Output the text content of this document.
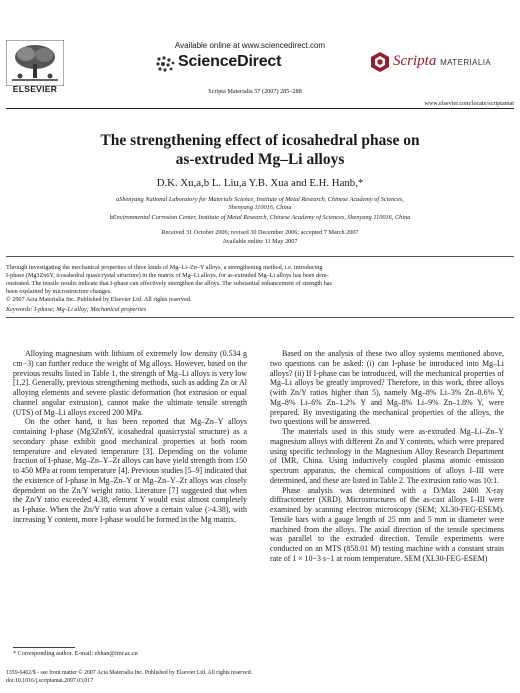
ELSEVIER
Available online at www.sciencedirect.com
ScienceDirect
Scripta Materialia 57 (2007) 285–288
Scripta MATERIALIA
www.elsevier.com/locate/scriptamat
The strengthening effect of icosahedral phase on
as-extruded Mg–Li alloys
D.K. Xu,a,b L. Liu,a Y.B. Xua and E.H. Hanb,*
aShenyang National Laboratory for Materials Science, Institute of Metal Research, Chinese Academy of Sciences,
Shenyang 110016, China
bEnvironmental Corrosion Center, Institute of Metal Research, Chinese Academy of Sciences, Shenyang 110016, China
Received 31 October 2006; revised 30 December 2006; accepted 7 March 2007
Available online 11 May 2007
Through investigating the mechanical properties of three kinds of Mg–Li–Zn–Y alloys, a strengthening method, i.e. introducing
I-phase (Mg3Zn6Y, icosahedral quasicrystal structure) in the matrix of Mg–Li alloys, for as-extruded Mg–Li alloys has been dem-
onstrated. The tensile results indicate that I-phase can effectively strengthen the alloys. The substantial enhancement of strength has
been explained by microstructure changes.
© 2007 Acta Materialia Inc. Published by Elsevier Ltd. All rights reserved.
Keywords: I-phase; Mg–Li alloy; Mechanical properties

Alloying magnesium with lithium of extremely low density (0.534 g cm−3) can further reduce the weight of Mg alloys. However, based on the previous results listed in Table 1, the strength of Mg–Li alloys is very low [1,2]. Generally, previous strengthening methods, such as adding Zn or Al alloying elements and severe plastic deformation (hot extrusion or equal channel angular extrusion), cannot make the ultimate tensile strength (UTS) of Mg–Li alloys exceed 200 MPa.

On the other hand, it has been reported that Mg–Zn–Y alloys containing I-phase (Mg3Zn6Y, icosahedral quasicrystal structure) as a secondary phase exhibit good mechanical properties at both room temperature and elevated temperature [3]. Depending on the volume fraction of I-phase, Mg–Zn–Y–Zr alloys can have yield strength from 150 to 450 MPa at room temperature [4]. Previous studies [5–9] indicated that the existence of I-phase in Mg–Zn–Y or Mg–Zn–Y–Zr alloys was closely dependent on the Zn/Y weight ratio. Literature [7] suggested that when the Zn/Y ratio exceeded 4.38, element Y would exist almost completely as I-phase. When the Zn/Y ratio was above a certain value (>4.38), with increasing Y content, more I-phase would be formed in the Mg matrix.

Based on the analysis of these two alloy systems mentioned above, two questions can be asked: (i) can I-phase be introduced into Mg–Li alloys? (ii) If I-phase can be introduced, will the mechanical properties of Mg–Li alloys be greatly improved? Therefore, in this work, three alloys (with Zn/Y ratios higher than 5), namely Mg–8% Li–3% Zn–0.6% Y, Mg–8% Li–6% Zn–1.2% Y and Mg–8% Li–9% Zn–1.8% Y, were prepared. By investigating the mechanical properties of the alloys, the two questions will be answered.

The materials used in this study were as-extruded Mg–Li–Zn–Y magnesium alloys with different Zn and Y contents, which were prepared using specific technology in the Magnesium Alloy Research Department of IMR, China. Using inductively coupled plasma atomic emission spectrum apparatus, the chemical compositions of alloys I–III were determined, and these are listed in Table 2. The extrusion ratio was 10:1.

Phase analysis was determined with a D/Max 2400 X-ray diffractometer (XRD). Microstructures of the as-cast alloys I–III were examined by scanning electron microscopy (SEM; XL30-FEG-ESEM). Tensile bars with a gauge length of 25 mm and 5 mm in diameter were machined from the alloys. The axial direction of the tensile specimens was parallel to the extruded direction. Tensile experiments were conducted on an MTS (858.01 M) testing machine with a constant strain rate of 1 × 10−3 s−1 at room temperature. SEM (XL30-FEG-ESEM)

* Corresponding author. E-mail: ehhan@imr.ac.cn
1359-6462/$ - see front matter © 2007 Acta Materialia Inc. Published by Elsevier Ltd. All rights reserved.
doi:10.1016/j.scriptamat.2007.03.017
